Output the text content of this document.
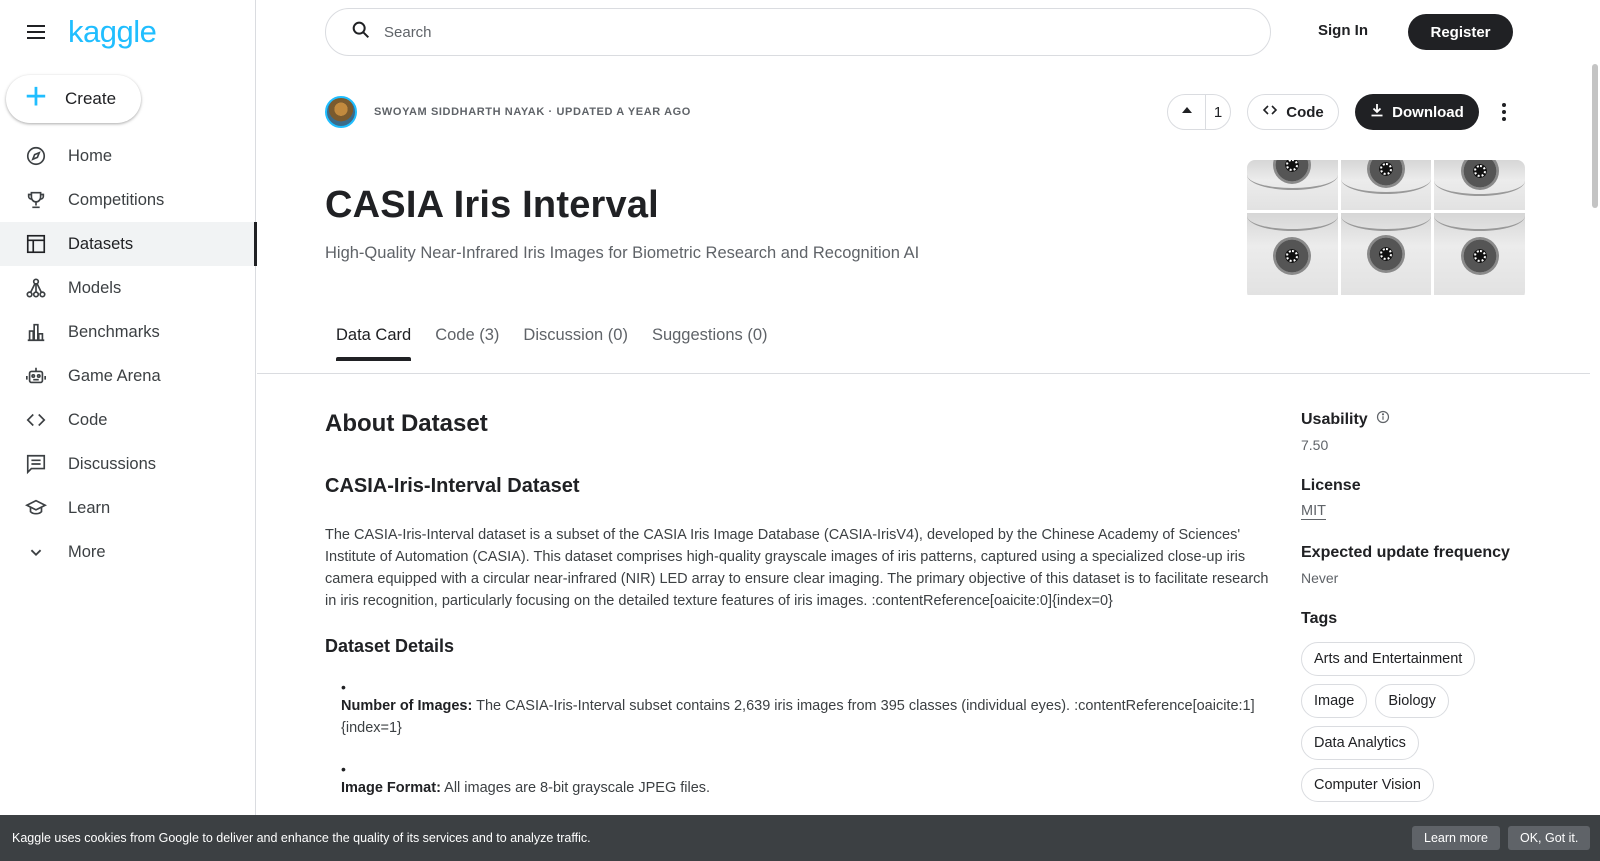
kaggle
+ Create
Home
Competitions
Datasets
Models
Benchmarks
Game Arena
Code
Discussions
Learn
More
Search
Sign In	Register
SWOYAM SIDDHARTH NAYAK · UPDATED A YEAR AGO	1	Code	Download
CASIA Iris Interval
High-Quality Near-Infrared Iris Images for Biometric Research and Recognition AI
Data Card Code (3) Discussion (0) Suggestions (0)
About Dataset
CASIA-Iris-Interval Dataset

The CASIA-Iris-Interval dataset is a subset of the CASIA Iris Image Database (CASIA-IrisV4), developed by the Chinese Academy of Sciences' Institute of Automation (CASIA). This dataset comprises high-quality grayscale images of iris patterns, captured using a specialized close-up iris camera equipped with a circular near-infrared (NIR) LED array to ensure clear imaging. The primary objective of this dataset is to facilitate research in iris recognition, particularly focusing on the detailed texture features of iris images. :contentReference[oaicite:0]{index=0}

Dataset Details
•
Number of Images: The CASIA-Iris-Interval subset contains 2,639 iris images from 395 classes (individual eyes). :contentReference[oaicite:1]{index=1}
•
Image Format: All images are 8-bit grayscale JPEG files.
Usability
7.50
License
MIT
Expected update frequency
Never
Tags
Arts and Entertainment
Image	Biology
Data Analytics
Computer Vision
Kaggle uses cookies from Google to deliver and enhance the quality of its services and to analyze traffic.	Learn more	OK, Got it.
